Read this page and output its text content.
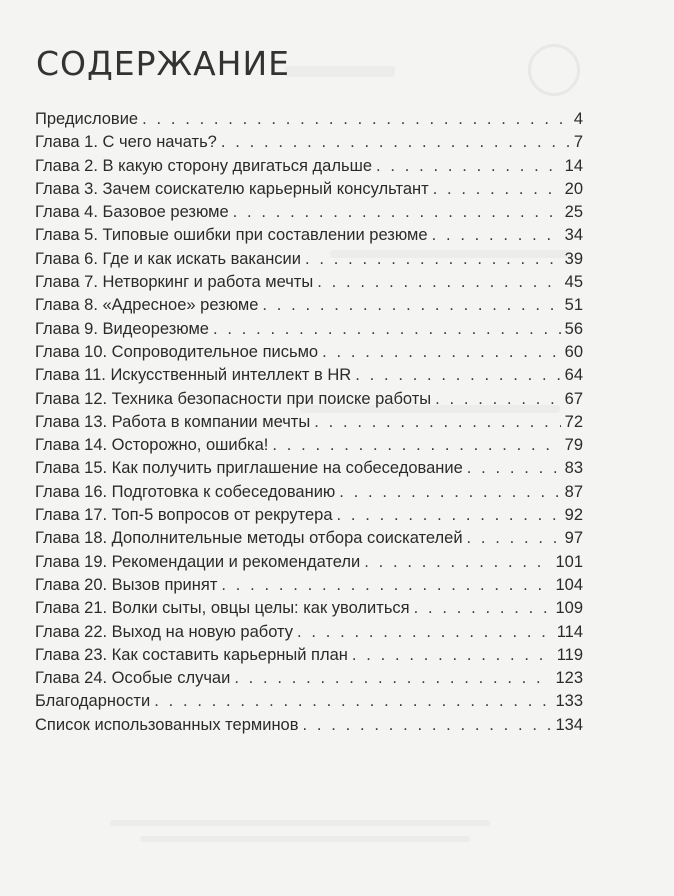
СОДЕРЖАНИЕ
Предисловие . . .	4
Глава 1. С чего начать? . . .	7
Глава 2. В какую сторону двигаться дальше . . .	14
Глава 3. Зачем соискателю карьерный консультант . . .	20
Глава 4. Базовое резюме . . .	25
Глава 5. Типовые ошибки при составлении резюме . . .	34
Глава 6. Где и как искать вакансии . . .	39
Глава 7. Нетворкинг и работа мечты . . .	45
Глава 8. «Адресное» резюме . . .	51
Глава 9. Видеорезюме . . .	56
Глава 10. Сопроводительное письмо . . .	60
Глава 11. Искусственный интеллект в HR . . .	64
Глава 12. Техника безопасности при поиске работы . . .	67
Глава 13. Работа в компании мечты . . .	72
Глава 14. Осторожно, ошибка! . . .	79
Глава 15. Как получить приглашение на собеседование . . .	83
Глава 16. Подготовка к собеседованию . . .	87
Глава 17. Топ-5 вопросов от рекрутера . . .	92
Глава 18. Дополнительные методы отбора соискателей . . .	97
Глава 19. Рекомендации и рекомендатели . . .	101
Глава 20. Вызов принят . . .	104
Глава 21. Волки сыты, овцы целы: как уволиться . . .	109
Глава 22. Выход на новую работу . . .	114
Глава 23. Как составить карьерный план . . .	119
Глава 24. Особые случаи . . .	123
Благодарности . . .	133
Список использованных терминов . . .	134
